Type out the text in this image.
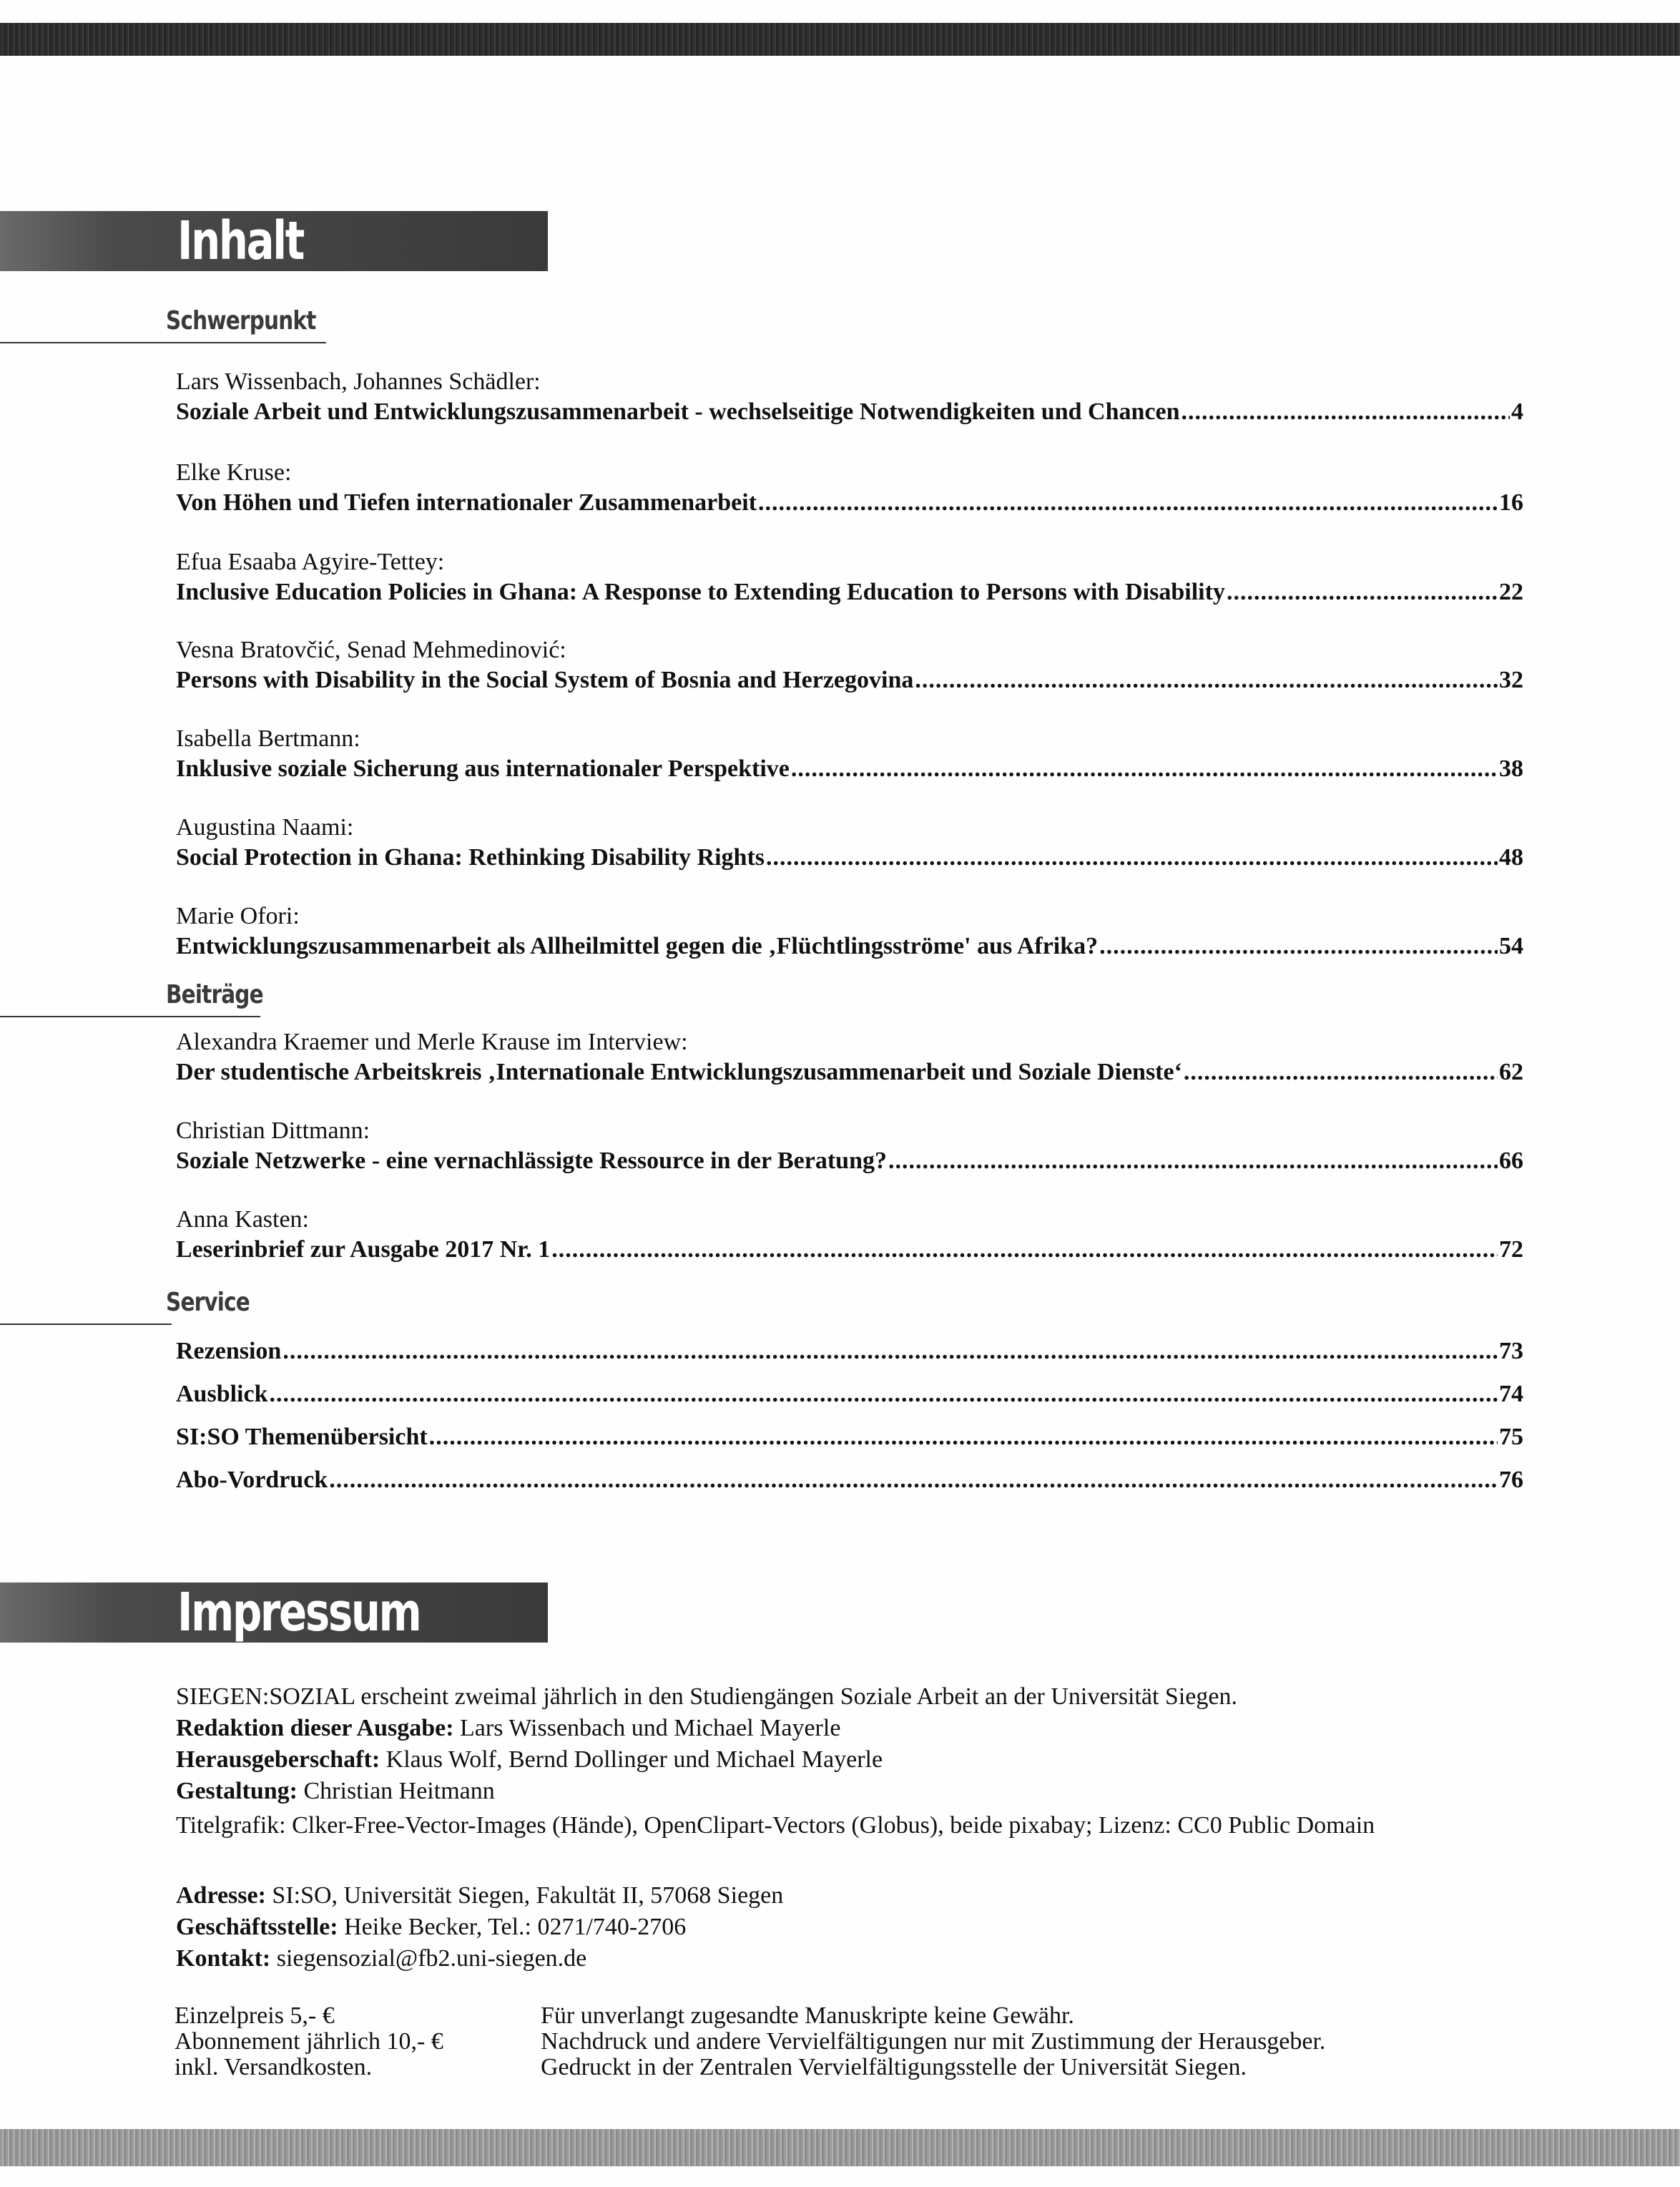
Inhalt
Schwerpunkt
Lars Wissenbach, Johannes Schädler:
Soziale Arbeit und Entwicklungszusammenarbeit - wechselseitige Notwendigkeiten und Chancen .....	4
Elke Kruse:
Von Höhen und Tiefen internationaler Zusammenarbeit .....	16
Efua Esaaba Agyire-Tettey:
Inclusive Education Policies in Ghana: A Response to Extending Education to Persons with Disability .....	22
Vesna Bratovčić, Senad Mehmedinović:
Persons with Disability in the Social System of Bosnia and Herzegovina .....	32
Isabella Bertmann:
Inklusive soziale Sicherung aus internationaler Perspektive .....	38
Augustina Naami:
Social Protection in Ghana: Rethinking Disability Rights .....	48
Marie Ofori:
Entwicklungszusammenarbeit als Allheilmittel gegen die ‚Flüchtlingsströme' aus Afrika? .....	54
Beiträge
Alexandra Kraemer und Merle Krause im Interview:
Der studentische Arbeitskreis ‚Internationale Entwicklungszusammenarbeit und Soziale Dienste‘ .....	62
Christian Dittmann:
Soziale Netzwerke - eine vernachlässigte Ressource in der Beratung? .....	66
Anna Kasten:
Leserinbrief zur Ausgabe 2017 Nr. 1 .....	72
Service
Rezension .....	73
Ausblick .....	74
SI:SO Themenübersicht .....	75
Abo-Vordruck .....	76
Impressum
SIEGEN:SOZIAL erscheint zweimal jährlich in den Studiengängen Soziale Arbeit an der Universität Siegen.
Redaktion dieser Ausgabe: Lars Wissenbach und Michael Mayerle
Herausgeberschaft: Klaus Wolf, Bernd Dollinger und Michael Mayerle
Gestaltung: Christian Heitmann
Titelgrafik: Clker-Free-Vector-Images (Hände), OpenClipart-Vectors (Globus), beide pixabay; Lizenz: CC0 Public Domain
Adresse: SI:SO, Universität Siegen, Fakultät II, 57068 Siegen
Geschäftsstelle: Heike Becker, Tel.: 0271/740-2706
Kontakt: siegensozial@fb2.uni-siegen.de
Einzelpreis 5,- €
Abonnement jährlich 10,- €
inkl. Versandkosten.
Für unverlangt zugesandte Manuskripte keine Gewähr.
Nachdruck und andere Vervielfältigungen nur mit Zustimmung der Herausgeber.
Gedruckt in der Zentralen Vervielfältigungsstelle der Universität Siegen.
